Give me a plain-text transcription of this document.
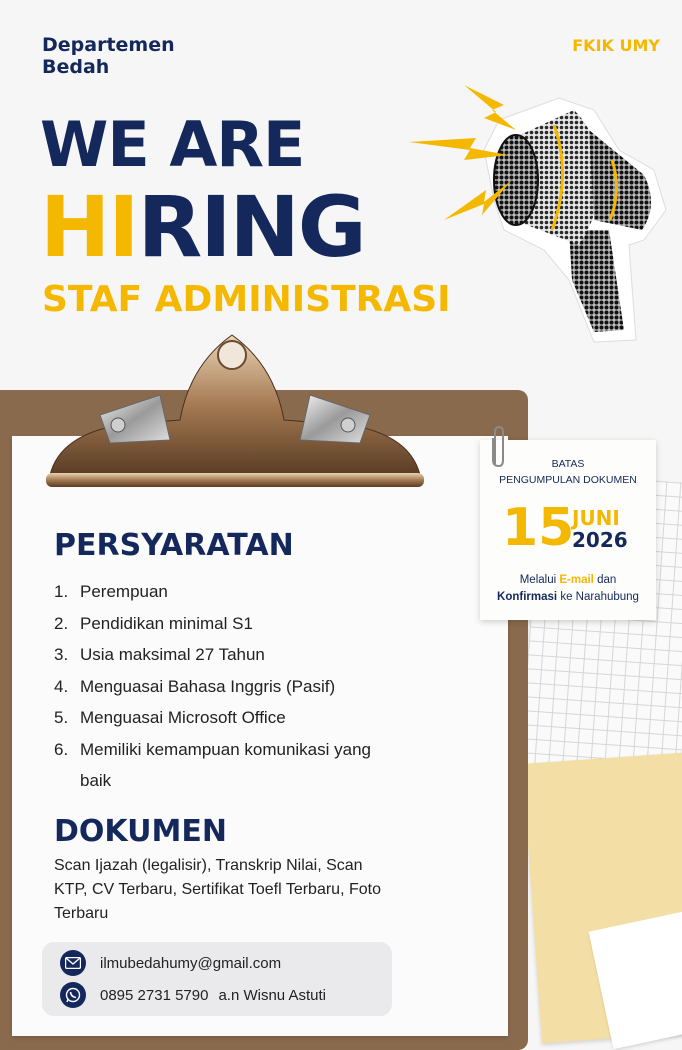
Departemen
Bedah
FKIK UMY
WE ARE
HIRING
STAF ADMINISTRASI
PERSYARATAN
1. Perempuan
2. Pendidikan minimal S1
3. Usia maksimal 27 Tahun
4. Menguasai Bahasa Inggris (Pasif)
5. Menguasai Microsoft Office
6. Memiliki kemampuan komunikasi yang baik
DOKUMEN
Scan Ijazah (legalisir), Transkrip Nilai, Scan KTP, CV Terbaru, Sertifikat Toefl Terbaru, Foto Terbaru
ilmubedahumy@gmail.com
0895 2731 5790 a.n Wisnu Astuti
BATAS
PENGUMPULAN DOKUMEN
15
JUNI
2026
Melalui E-mail dan
Konfirmasi ke Narahubung
